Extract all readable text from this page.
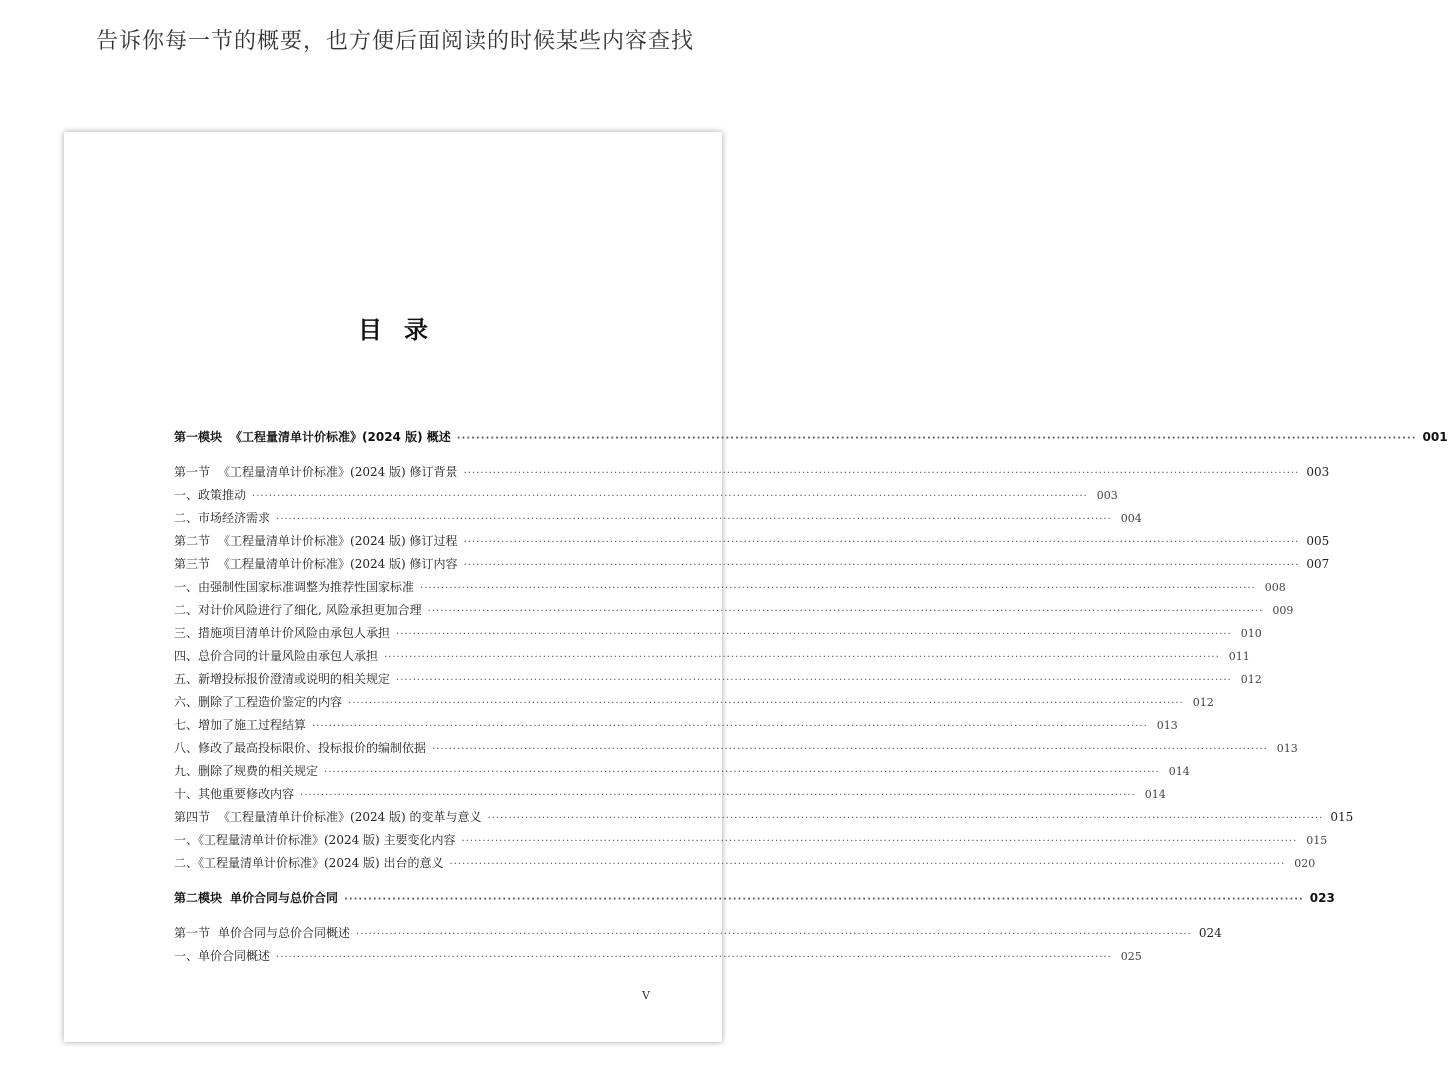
告诉你每一节的概要，也方便后面阅读的时候某些内容查找
目录
第一模块 《工程量清单计价标准》(2024 版) 概述 ········································································································································································································ 001
第一节 《工程量清单计价标准》(2024 版) 修订背景 ········································································································································································································ 003
一、政策推动 ········································································································································································································ 003
二、市场经济需求 ········································································································································································································ 004
第二节 《工程量清单计价标准》(2024 版) 修订过程 ········································································································································································································ 005
第三节 《工程量清单计价标准》(2024 版) 修订内容 ········································································································································································································ 007
一、由强制性国家标准调整为推荐性国家标准 ········································································································································································································ 008
二、对计价风险进行了细化, 风险承担更加合理 ········································································································································································································ 009
三、措施项目清单计价风险由承包人承担 ········································································································································································································ 010
四、总价合同的计量风险由承包人承担 ········································································································································································································ 011
五、新增投标报价澄清或说明的相关规定 ········································································································································································································ 012
六、删除了工程造价鉴定的内容 ········································································································································································································ 012
七、增加了施工过程结算 ········································································································································································································ 013
八、修改了最高投标限价、投标报价的编制依据 ········································································································································································································ 013
九、删除了规费的相关规定 ········································································································································································································ 014
十、其他重要修改内容 ········································································································································································································ 014
第四节 《工程量清单计价标准》(2024 版) 的变革与意义 ········································································································································································································ 015
一、《工程量清单计价标准》(2024 版) 主要变化内容 ········································································································································································································ 015
二、《工程量清单计价标准》(2024 版) 出台的意义 ········································································································································································································ 020
第二模块 单价合同与总价合同 ········································································································································································································ 023
第一节 单价合同与总价合同概述 ········································································································································································································ 024
一、单价合同概述 ········································································································································································································ 025
V
